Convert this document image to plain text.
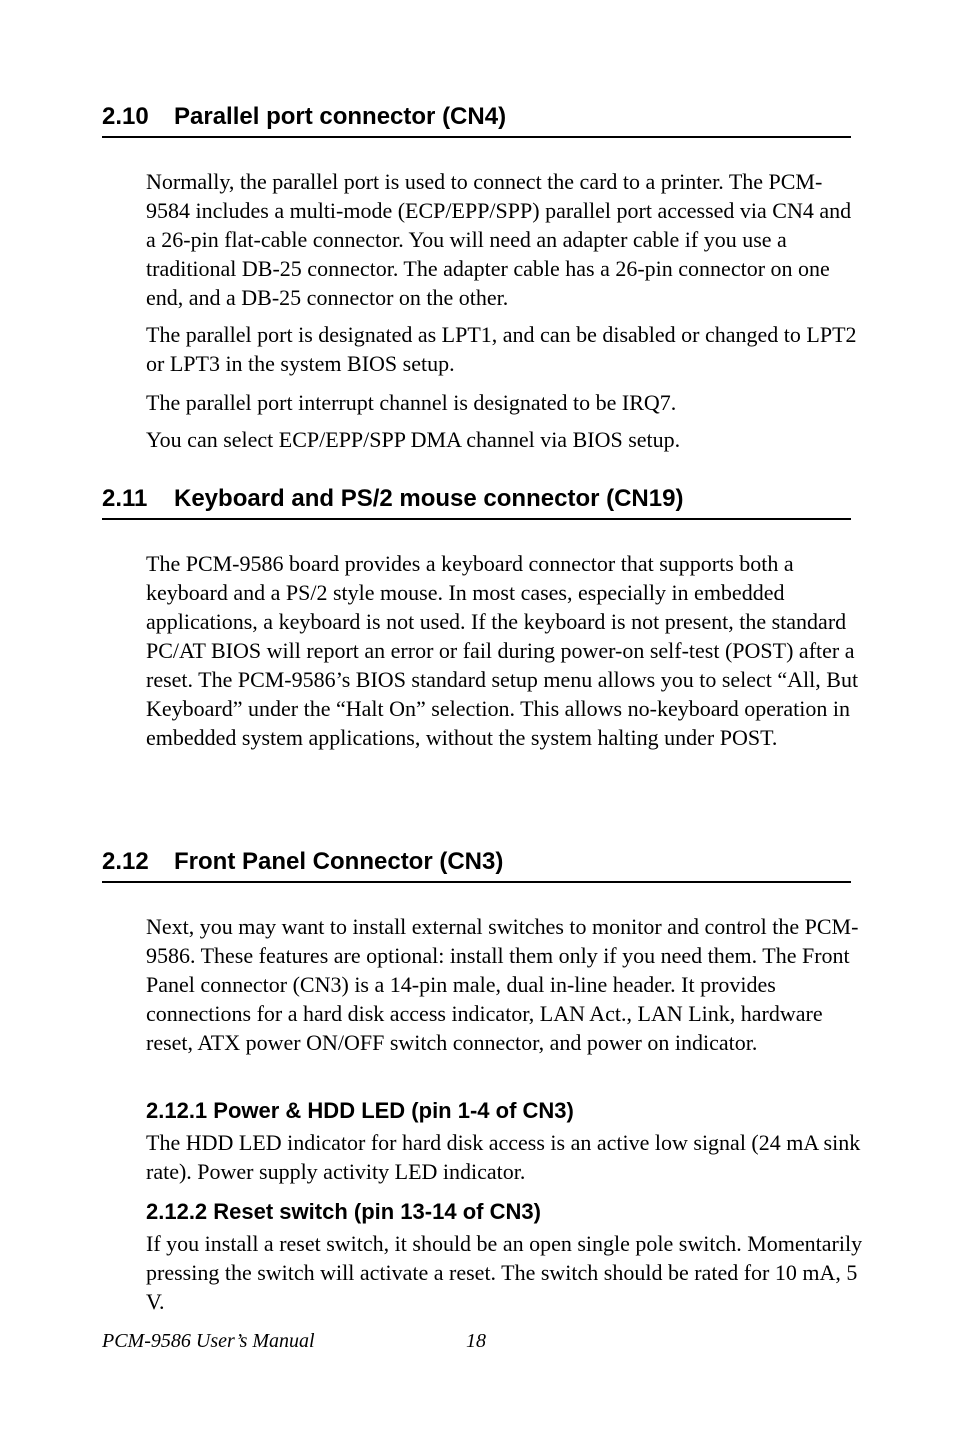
2.10 Parallel port connector (CN4)

Normally, the parallel port is used to connect the card to a printer. The PCM-9584 includes a multi-mode (ECP/EPP/SPP) parallel port accessed via CN4 and a 26-pin flat-cable connector. You will need an adapter cable if you use a traditional DB-25 connector. The adapter cable has a 26-pin connector on one end, and a DB-25 connector on the other.

The parallel port is designated as LPT1, and can be disabled or changed to LPT2 or LPT3 in the system BIOS setup.

The parallel port interrupt channel is designated to be IRQ7.

You can select ECP/EPP/SPP DMA channel via BIOS setup.

2.11 Keyboard and PS/2 mouse connector (CN19)

The PCM-9586 board provides a keyboard connector that supports both a keyboard and a PS/2 style mouse. In most cases, especially in embedded applications, a keyboard is not used. If the keyboard is not present, the standard PC/AT BIOS will report an error or fail during power-on self-test (POST) after a reset. The PCM-9586’s BIOS standard setup menu allows you to select “All, But Keyboard” under the “Halt On” selection. This allows no-keyboard operation in embedded system applications, without the system halting under POST.

2.12 Front Panel Connector (CN3)

Next, you may want to install external switches to monitor and control the PCM-9586. These features are optional: install them only if you need them. The Front Panel connector (CN3) is a 14-pin male, dual in-line header. It provides connections for a hard disk access indicator, LAN Act., LAN Link, hardware reset, ATX power ON/OFF switch connector, and power on indicator.

2.12.1 Power & HDD LED (pin 1-4 of CN3)

The HDD LED indicator for hard disk access is an active low signal (24 mA sink rate). Power supply activity LED indicator.

2.12.2 Reset switch (pin 13-14 of CN3)

If you install a reset switch, it should be an open single pole switch. Momentarily pressing the switch will activate a reset. The switch should be rated for 10 mA, 5 V.

PCM-9586 User’s Manual	18
